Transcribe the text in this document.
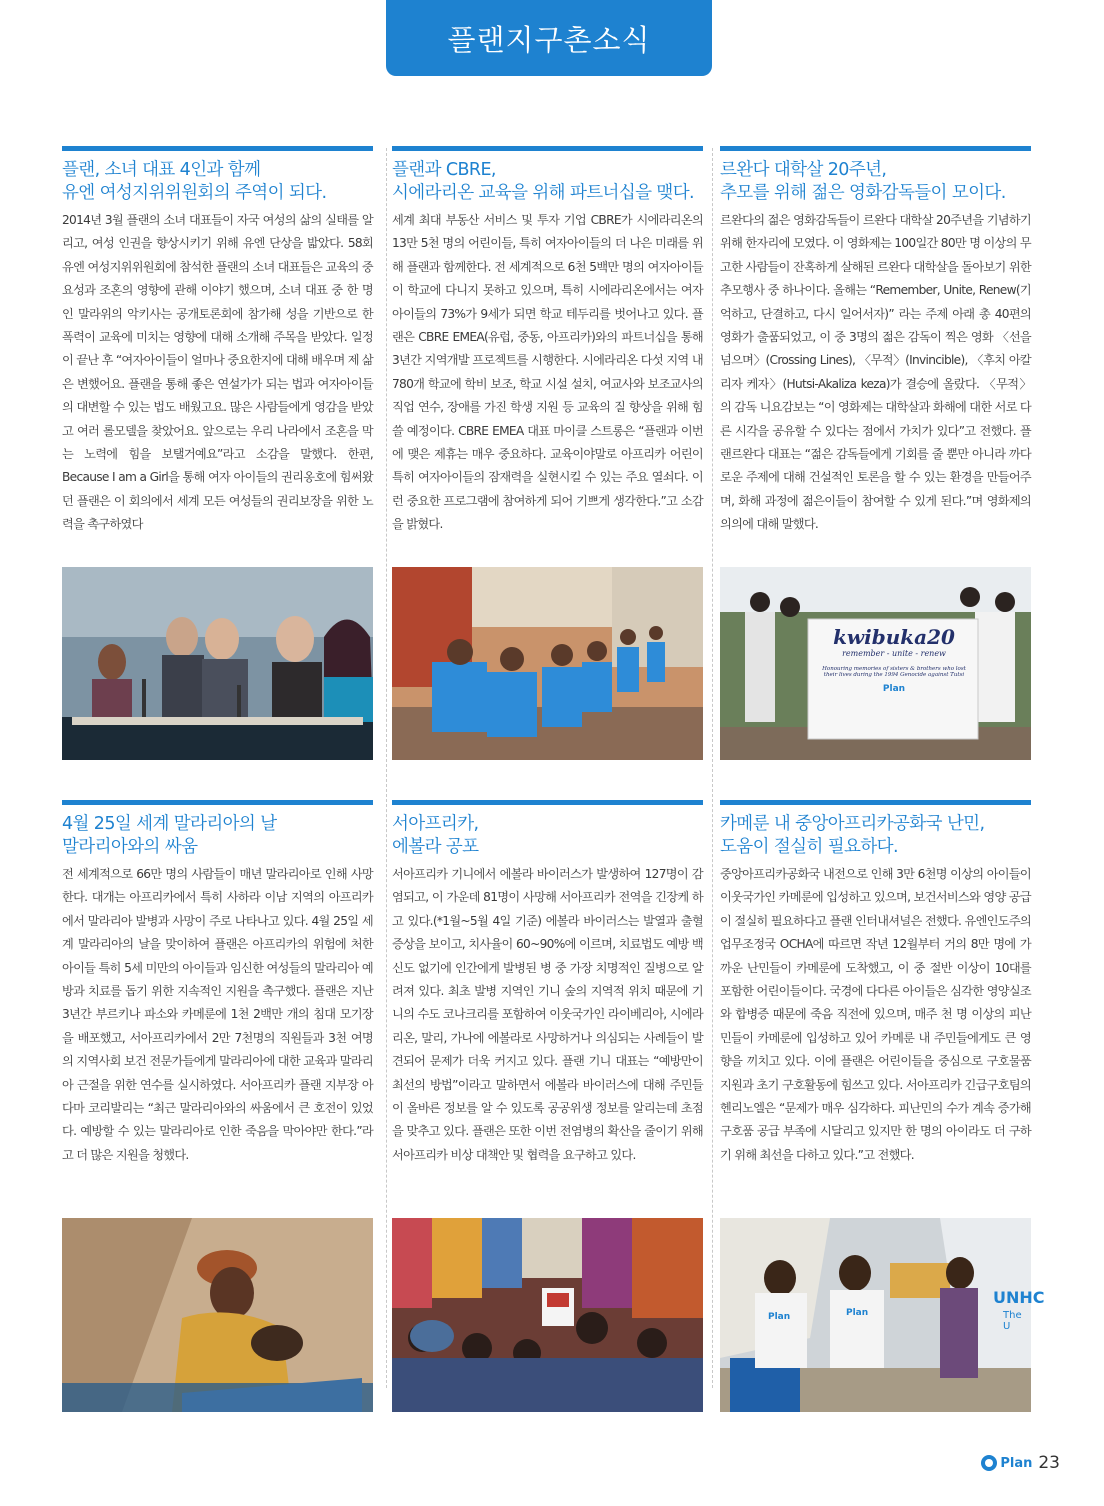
플랜지구촌소식
플랜, 소녀 대표 4인과 함께
유엔 여성지위위원회의 주역이 되다.

2014년 3월 플랜의 소녀 대표들이 자국 여성의 삶의 실태를 알리고, 여성 인권을 향상시키기 위해 유엔 단상을 밟았다. 58회 유엔 여성지위위원회에 참석한 플랜의 소녀 대표들은 교육의 중요성과 조혼의 영향에 관해 이야기 했으며, 소녀 대표 중 한 명인 말라위의 악키사는 공개토론회에 참가해 성을 기반으로 한 폭력이 교육에 미치는 영향에 대해 소개해 주목을 받았다. 일정이 끝난 후 “여자아이들이 얼마나 중요한지에 대해 배우며 제 삶은 변했어요. 플랜을 통해 좋은 연설가가 되는 법과 여자아이들의 대변할 수 있는 법도 배웠고요. 많은 사람들에게 영감을 받았고 여러 롤모델을 찾았어요. 앞으로는 우리 나라에서 조혼을 막는 노력에 힘을 보탤거예요”라고 소감을 말했다. 한편, Because I am a Girl을 통해 여자 아이들의 권리옹호에 힘써왔던 플랜은 이 회의에서 세계 모든 여성들의 권리보장을 위한 노력을 촉구하였다

플랜과 CBRE,
시에라리온 교육을 위해 파트너십을 맺다.

세계 최대 부동산 서비스 및 투자 기업 CBRE가 시에라리온의 13만 5천 명의 어린이들, 특히 여자아이들의 더 나은 미래를 위해 플랜과 함께한다. 전 세계적으로 6천 5백만 명의 여자아이들이 학교에 다니지 못하고 있으며, 특히 시에라리온에서는 여자아이들의 73%가 9세가 되면 학교 테두리를 벗어나고 있다. 플랜은 CBRE EMEA(유럽, 중동, 아프리카)와의 파트너십을 통해 3년간 지역개발 프로젝트를 시행한다. 시에라리온 다섯 지역 내 780개 학교에 학비 보조, 학교 시설 설치, 여교사와 보조교사의 직업 연수, 장애를 가진 학생 지원 등 교육의 질 향상을 위해 힘쓸 예정이다. CBRE EMEA 대표 마이클 스트롱은 “플랜과 이번에 맺은 제휴는 매우 중요하다. 교육이야말로 아프리카 어린이 특히 여자아이들의 잠재력을 실현시킬 수 있는 주요 열쇠다. 이런 중요한 프로그램에 참여하게 되어 기쁘게 생각한다.”고 소감을 밝혔다.

르완다 대학살 20주년,
추모를 위해 젊은 영화감독들이 모이다.

르완다의 젊은 영화감독들이 르완다 대학살 20주년을 기념하기 위해 한자리에 모였다. 이 영화제는 100일간 80만 명 이상의 무고한 사람들이 잔혹하게 살해된 르완다 대학살을 돌아보기 위한 추모행사 중 하나이다. 올해는 “Remember, Unite, Renew(기억하고, 단결하고, 다시 일어서자)” 라는 주제 아래 총 40편의 영화가 출품되었고, 이 중 3명의 젊은 감독이 찍은 영화 〈선을 넘으며〉(Crossing Lines), 〈무적〉(Invincible), 〈후치 아칼리자 케자〉(Hutsi-Akaliza keza)가 결승에 올랐다. 〈무적〉의 감독 니요감보는 “이 영화제는 대학살과 화해에 대한 서로 다른 시각을 공유할 수 있다는 점에서 가치가 있다”고 전했다. 플랜르완다 대표는 “젊은 감독들에게 기회를 줄 뿐만 아니라 까다로운 주제에 대해 건설적인 토론을 할 수 있는 환경을 만들어주며, 화해 과정에 젊은이들이 참여할 수 있게 된다.”며 영화제의 의의에 대해 말했다.

kwibuka20
remember - unite - renew
Honouring memories of sisters & brothers who lost
their lives during the 1994 Genocide against Tutsi
Plan
4월 25일 세계 말라리아의 날
말라리아와의 싸움

전 세계적으로 66만 명의 사람들이 매년 말라리아로 인해 사망한다. 대개는 아프리카에서 특히 사하라 이남 지역의 아프리카에서 말라리아 발병과 사망이 주로 나타나고 있다. 4월 25일 세계 말라리아의 날을 맞이하여 플랜은 아프리카의 위험에 처한 아이들 특히 5세 미만의 아이들과 임신한 여성들의 말라리아 예방과 치료를 돕기 위한 지속적인 지원을 촉구했다. 플랜은 지난 3년간 부르키나 파소와 카메룬에 1천 2백만 개의 침대 모기장을 배포했고, 서아프리카에서 2만 7천명의 직원들과 3천 여명의 지역사회 보건 전문가들에게 말라리아에 대한 교육과 말라리아 근절을 위한 연수를 실시하였다. 서아프리카 플랜 지부장 아다마 코리발리는 “최근 말라리아와의 싸움에서 큰 호전이 있었다. 예방할 수 있는 말라리아로 인한 죽음을 막아야만 한다.”라고 더 많은 지원을 청했다.

서아프리카,
에볼라 공포

서아프리카 기니에서 에볼라 바이러스가 발생하여 127명이 감염되고, 이 가운데 81명이 사망해 서아프리카 전역을 긴장케 하고 있다.(*1월~5월 4일 기준) 에볼라 바이러스는 발열과 출혈 증상을 보이고, 치사율이 60~90%에 이르며, 치료법도 예방 백신도 없기에 인간에게 발병된 병 중 가장 치명적인 질병으로 알려져 있다. 최초 발병 지역인 기니 숲의 지역적 위치 때문에 기니의 수도 코나크리를 포함하여 이웃국가인 라이베리아, 시에라리온, 말리, 가나에 에볼라로 사망하거나 의심되는 사례들이 발견되어 문제가 더욱 커지고 있다. 플랜 기니 대표는 “예방만이 최선의 방법”이라고 말하면서 에볼라 바이러스에 대해 주민들이 올바른 정보를 알 수 있도록 공공위생 정보를 알리는데 초점을 맞추고 있다. 플랜은 또한 이번 전염병의 확산을 줄이기 위해 서아프리카 비상 대책안 및 협력을 요구하고 있다.

카메룬 내 중앙아프리카공화국 난민,
도움이 절실히 필요하다.

중앙아프리카공화국 내전으로 인해 3만 6천명 이상의 아이들이 이웃국가인 카메룬에 입성하고 있으며, 보건서비스와 영양 공급이 절실히 필요하다고 플랜 인터내셔널은 전했다. 유엔인도주의업무조정국 OCHA에 따르면 작년 12월부터 거의 8만 명에 가까운 난민들이 카메룬에 도착했고, 이 중 절반 이상이 10대를 포함한 어린이들이다. 국경에 다다른 아이들은 심각한 영양실조와 합병증 때문에 죽음 직전에 있으며, 매주 천 명 이상의 피난민들이 카메룬에 입성하고 있어 카메룬 내 주민들에게도 큰 영향을 끼치고 있다. 이에 플랜은 어린이들을 중심으로 구호물품 지원과 초기 구호활동에 힘쓰고 있다. 서아프리카 긴급구호팀의 헨리노엘은 “문제가 매우 심각하다. 피난민의 수가 계속 증가해 구호품 공급 부족에 시달리고 있지만 한 명의 아이라도 더 구하기 위해 최선을 다하고 있다.”고 전했다.

Plan	Plan
UNHC
The U
Plan 23
